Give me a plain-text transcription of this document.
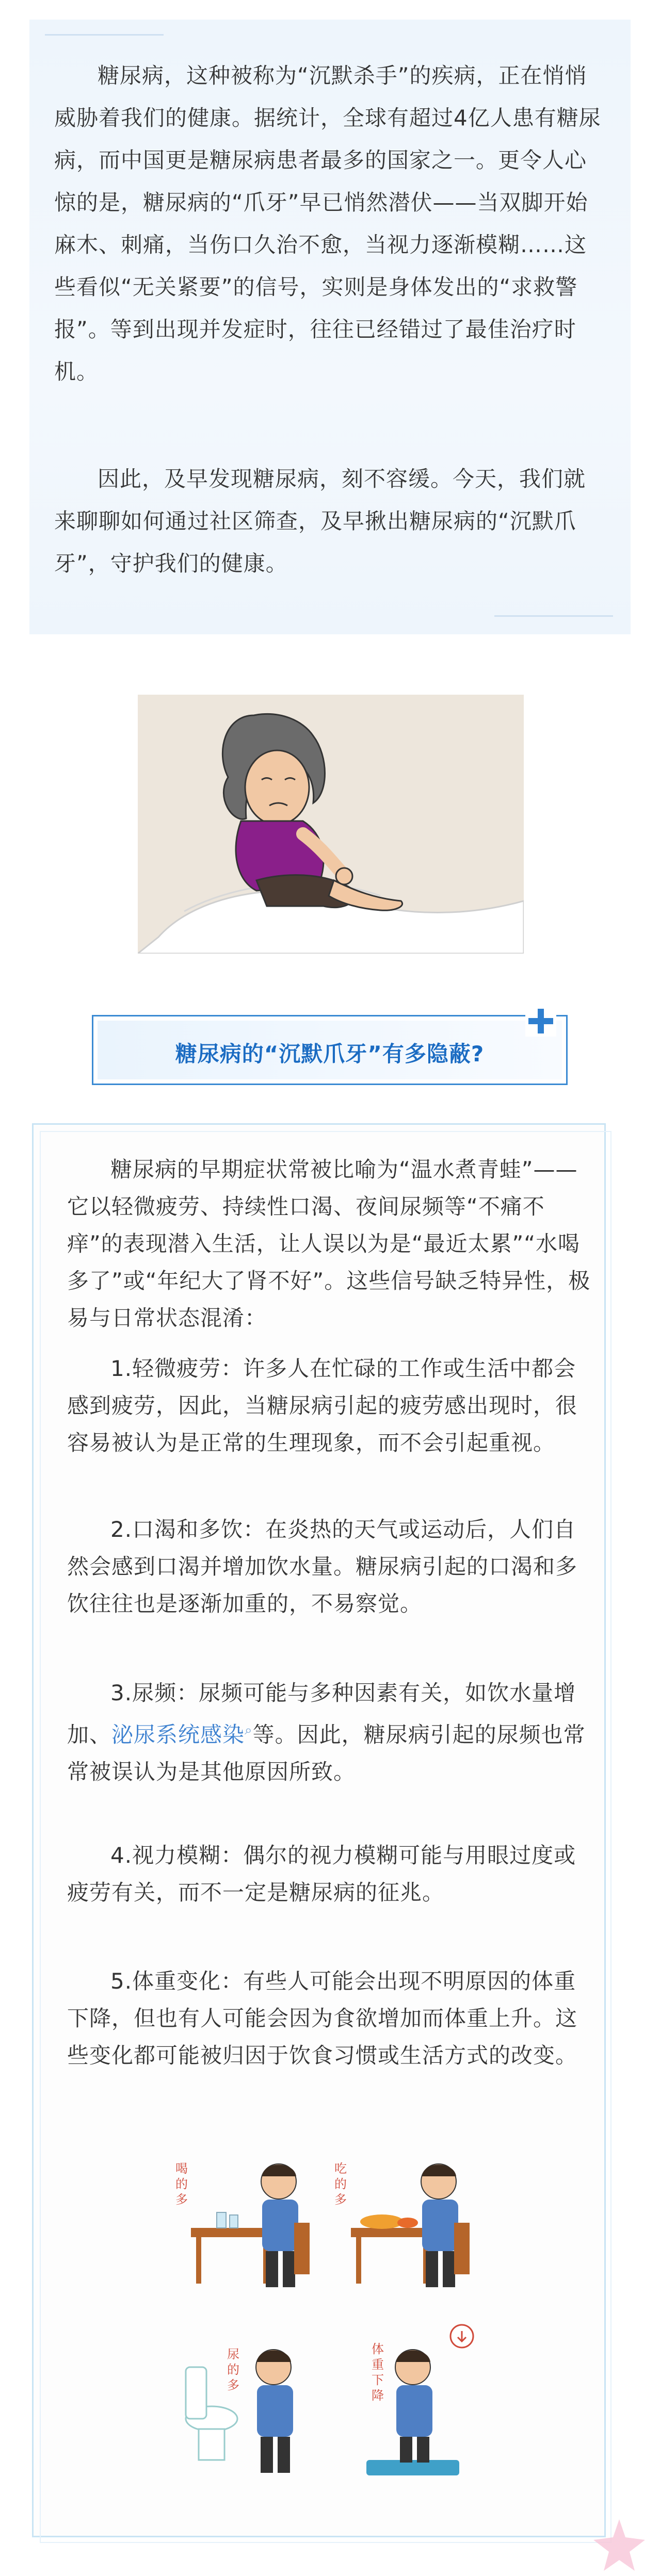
糖尿病，这种被称为“沉默杀手”的疾病，正在悄悄威胁着我们的健康。据统计，全球有超过4亿人患有糖尿病，而中国更是糖尿病患者最多的国家之一。更令人心惊的是，糖尿病的“爪牙”早已悄然潜伏——当双脚开始麻木、刺痛，当伤口久治不愈，当视力逐渐模糊……这些看似“无关紧要”的信号，实则是身体发出的“求救警报”。等到出现并发症时，往往已经错过了最佳治疗时机。

因此，及早发现糖尿病，刻不容缓。今天，我们就来聊聊如何通过社区筛查，及早揪出糖尿病的“沉默爪牙”，守护我们的健康。

糖尿病的“沉默爪牙”有多隐蔽?

糖尿病的早期症状常被比喻为“温水煮青蛙”——它以轻微疲劳、持续性口渴、夜间尿频等“不痛不痒”的表现潜入生活，让人误以为是“最近太累”“水喝多了”或“年纪大了肾不好”。这些信号缺乏特异性，极易与日常状态混淆：

1.轻微疲劳：许多人在忙碌的工作或生活中都会感到疲劳，因此，当糖尿病引起的疲劳感出现时，很容易被认为是正常的生理现象，而不会引起重视。

2.口渴和多饮：在炎热的天气或运动后，人们自然会感到口渴并增加饮水量。糖尿病引起的口渴和多饮往往也是逐渐加重的，不易察觉。

3.尿频：尿频可能与多种因素有关，如饮水量增加、泌尿系统感染⌕等。因此，糖尿病引起的尿频也常常被误认为是其他原因所致。

4.视力模糊：偶尔的视力模糊可能与用眼过度或疲劳有关，而不一定是糖尿病的征兆。

5.体重变化：有些人可能会出现不明原因的体重下降，但也有人可能会因为食欲增加而体重上升。这些变化都可能被归因于饮食习惯或生活方式的改变。

喝的多
吃的多
尿的多
体重下降
